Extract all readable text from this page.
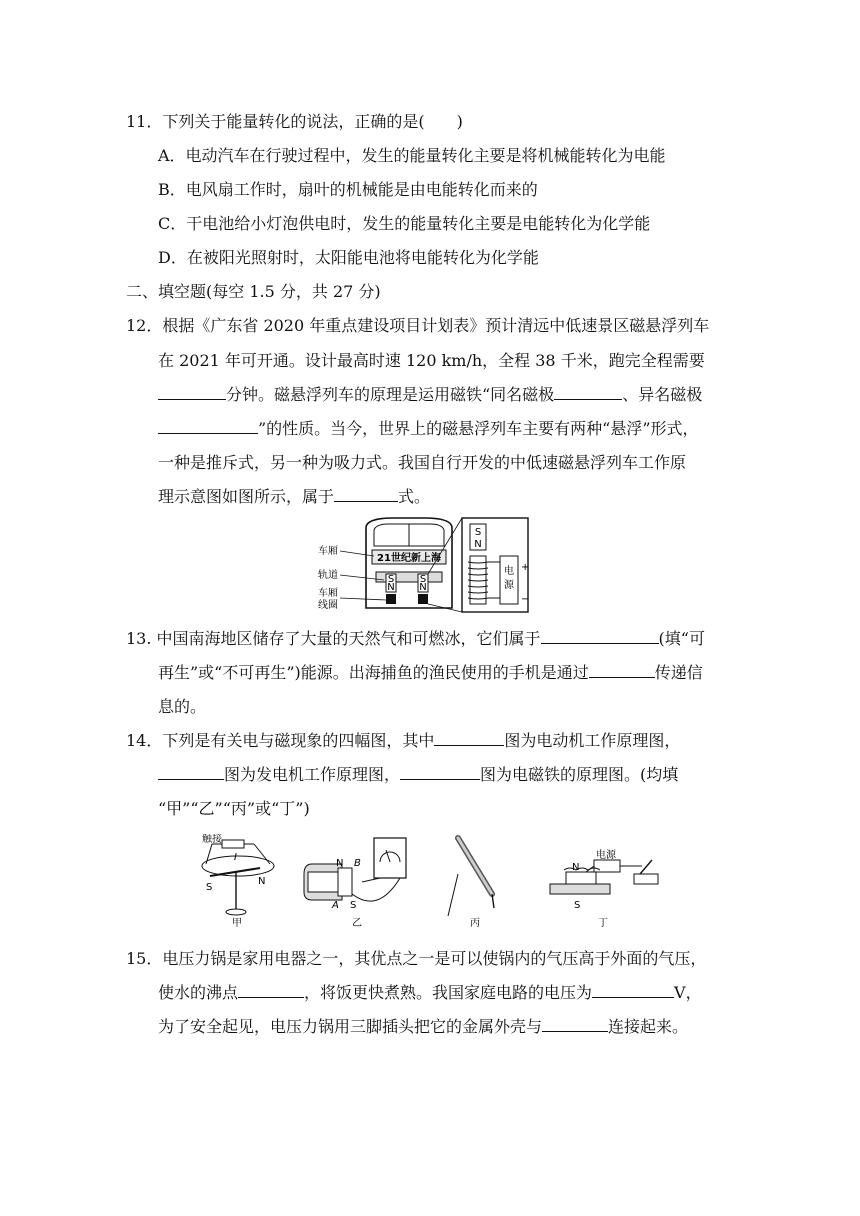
11．下列关于能量转化的说法，正确的是(　　)
A．电动汽车在行驶过程中，发生的能量转化主要是将机械能转化为电能
B．电风扇工作时，扇叶的机械能是由电能转化而来的
C．干电池给小灯泡供电时，发生的能量转化主要是电能转化为化学能
D．在被阳光照射时，太阳能电池将电能转化为化学能
二、填空题(每空 1.5 分，共 27 分)
12．根据《广东省 2020 年重点建设项目计划表》预计清远中低速景区磁悬浮列车
在 2021 年可开通。设计最高时速 120 km/h，全程 38 千米，跑完全程需要
分钟。磁悬浮列车的原理是运用磁铁“同名磁极	、异名磁极
”的性质。当今，世界上的磁悬浮列车主要有两种“悬浮”形式，
一种是推斥式，另一种为吸力式。我国自行开发的中低速磁悬浮列车工作原
理示意图如图所示，属于	式。
21世纪新上海
S
N
S
N
车厢
轨道
车厢
线圈
S
N
电
源
+
−
13. 中国南海地区储存了大量的天然气和可燃冰，它们属于	(填“可
再生”或“不可再生”)能源。出海捕鱼的渔民使用的手机是通过	传递信
息的。
14．下列是有关电与磁现象的四幅图，其中	图为电动机工作原理图，
图为发电机工作原理图，	图为电磁铁的原理图。(均填
“甲”“乙”“丙”或“丁”)
触接
I
S
N
甲
N B
A S
乙	丙
电源
N
S
丁
15．电压力锅是家用电器之一，其优点之一是可以使锅内的气压高于外面的气压，
使水的沸点	，将饭更快煮熟。我国家庭电路的电压为	V，
为了安全起见，电压力锅用三脚插头把它的金属外壳与	连接起来。
